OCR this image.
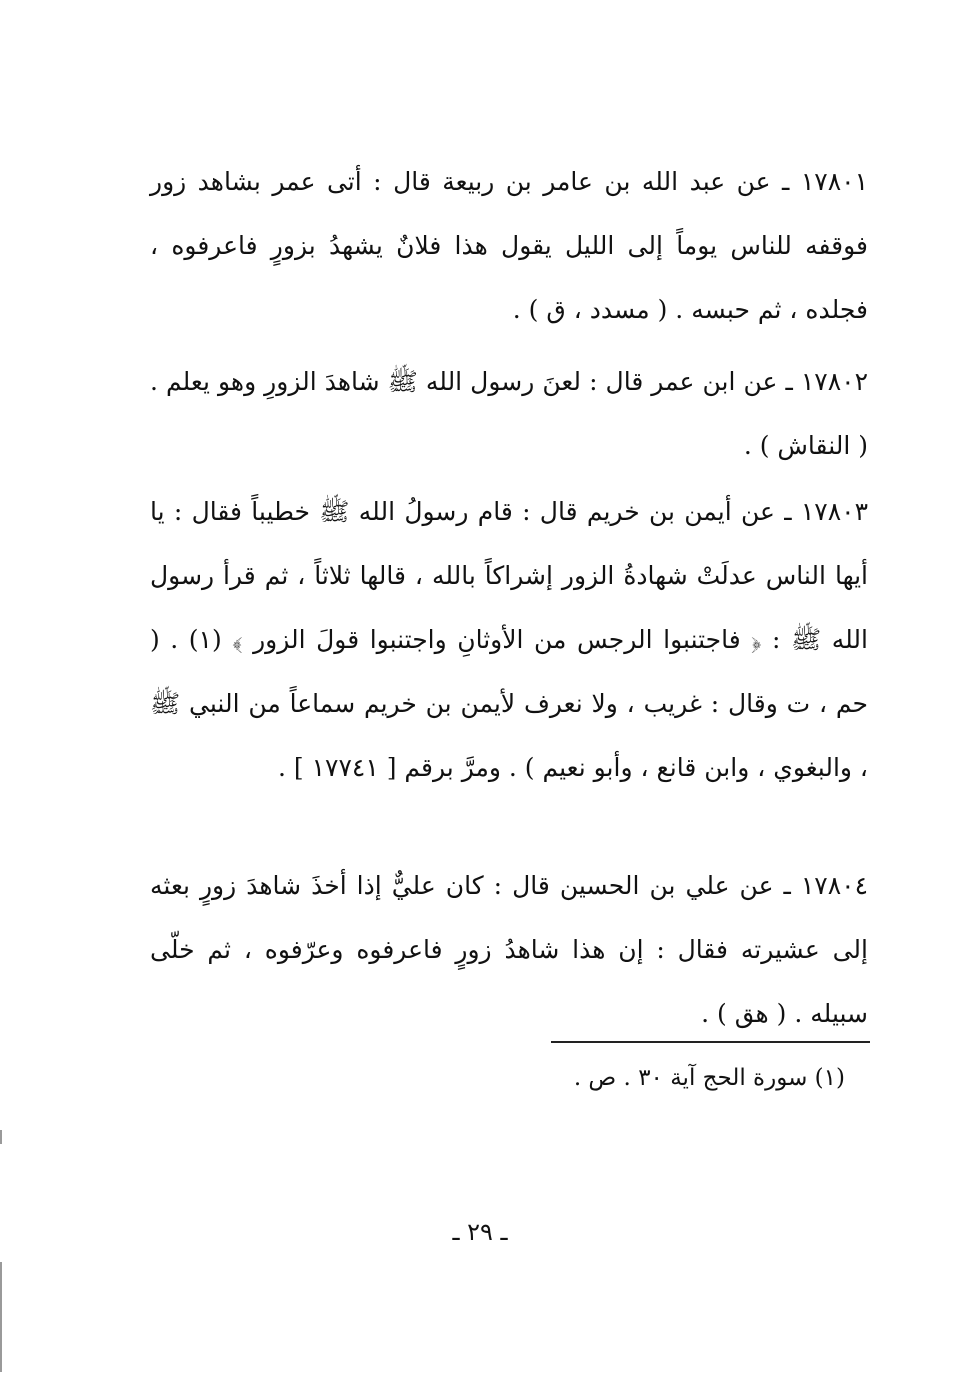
١٧٨٠١ ـ عن عبد الله بن عامر بن ربيعة قال : أتى عمر بشاهد زور فوقفه للناس يوماً إلى الليل يقول هذا فلانٌ يشهدُ بزورٍ فاعرفوه ، فجلده ، ثم حبسه . ( مسدد ، ق ) .

١٧٨٠٢ ـ عن ابن عمر قال : لعنَ رسول الله ﷺ شاهدَ الزورِ وهو يعلم . ( النقاش ) .

١٧٨٠٣ ـ عن أيمن بن خريم قال : قام رسولُ الله ﷺ خطيباً فقال : يا أيها الناس عدلَتْ شهادةُ الزور إشراكاً بالله ، قالها ثلاثاً ، ثم قرأ رسول الله ﷺ : ﴿ فاجتنبوا الرجس من الأوثانِ واجتنبوا قولَ الزور ﴾ (١) . ( حم ، ت وقال : غريب ، ولا نعرف لأيمن بن خريم سماعاً من النبي ﷺ ، والبغوي ، وابن قانع ، وأبو نعيم ) . ومرَّ برقم [ ١٧٧٤١ ] .

١٧٨٠٤ ـ عن علي بن الحسين قال : كان عليٌّ إذا أخذَ شاهدَ زورٍ بعثه إلى عشيرته فقال : إن هذا شاهدُ زورٍ فاعرفوه وعرّفوه ، ثم خلّى سبيله . ( هق ) .

(١) سورة الحج آية ٣٠ . ص .
ـ ٢٩ ـ
